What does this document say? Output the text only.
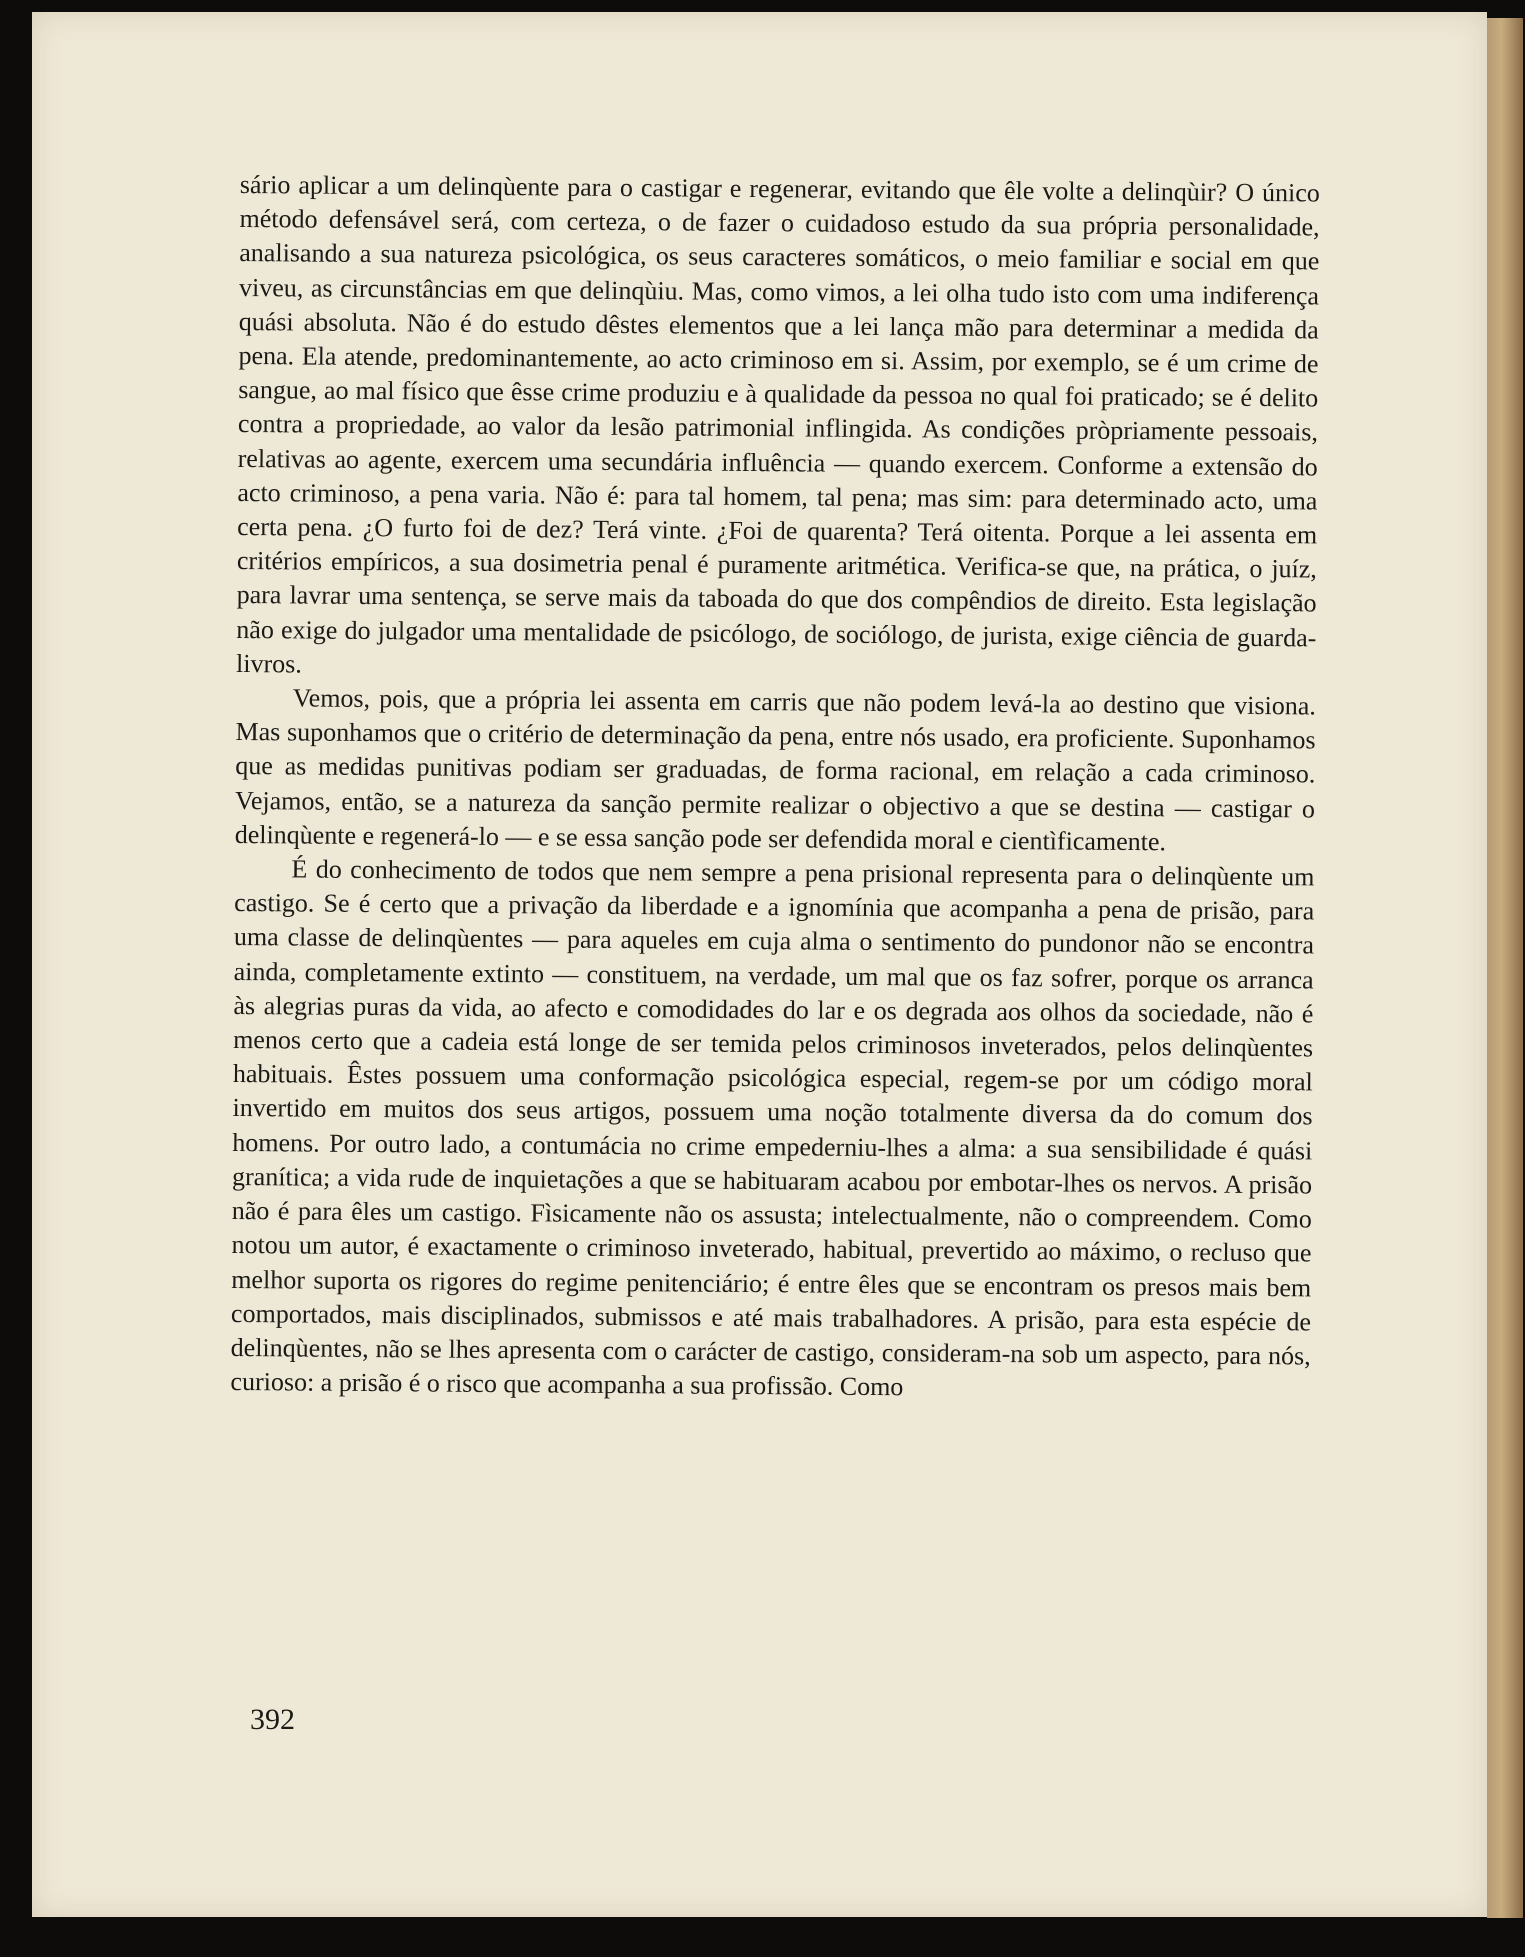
sário aplicar a um delinqùente para o castigar e regenerar, evitando que êle volte a delinqùir? O único método defensável será, com certeza, o de fazer o cuidadoso estudo da sua própria personalidade, analisando a sua natureza psicológica, os seus caracteres somáticos, o meio familiar e social em que viveu, as circunstâncias em que delinqùiu. Mas, como vimos, a lei olha tudo isto com uma indiferença quási absoluta. Não é do estudo dêstes elementos que a lei lança mão para determinar a medida da pena. Ela atende, predominantemente, ao acto criminoso em si. Assim, por exemplo, se é um crime de sangue, ao mal físico que êsse crime produziu e à qualidade da pessoa no qual foi praticado; se é delito contra a propriedade, ao valor da lesão patrimonial inflingida. As condições pròpriamente pessoais, relativas ao agente, exercem uma secundária influência — quando exercem. Conforme a extensão do acto criminoso, a pena varia. Não é: para tal homem, tal pena; mas sim: para determinado acto, uma certa pena. ¿O furto foi de dez? Terá vinte. ¿Foi de quarenta? Terá oitenta. Porque a lei assenta em critérios empíricos, a sua dosimetria penal é puramente aritmética. Verifica-se que, na prática, o juíz, para lavrar uma sentença, se serve mais da taboada do que dos compêndios de direito. Esta legislação não exige do julgador uma mentalidade de psicólogo, de sociólogo, de jurista, exige ciência de guarda-livros.

Vemos, pois, que a própria lei assenta em carris que não podem levá-la ao destino que visiona. Mas suponhamos que o critério de determinação da pena, entre nós usado, era proficiente. Suponhamos que as medidas punitivas podiam ser graduadas, de forma racional, em relação a cada criminoso. Vejamos, então, se a natureza da sanção permite realizar o objectivo a que se destina — castigar o delinqùente e regenerá-lo — e se essa sanção pode ser defendida moral e cientìficamente.

É do conhecimento de todos que nem sempre a pena prisional representa para o delinqùente um castigo. Se é certo que a privação da liberdade e a ignomínia que acompanha a pena de prisão, para uma classe de delinqùentes — para aqueles em cuja alma o sentimento do pundonor não se encontra ainda, completamente extinto — constituem, na verdade, um mal que os faz sofrer, porque os arranca às alegrias puras da vida, ao afecto e comodidades do lar e os degrada aos olhos da sociedade, não é menos certo que a cadeia está longe de ser temida pelos criminosos inveterados, pelos delinqùentes habituais. Êstes possuem uma conformação psicológica especial, regem-se por um código moral invertido em muitos dos seus artigos, possuem uma noção totalmente diversa da do comum dos homens. Por outro lado, a contumácia no crime empederniu-lhes a alma: a sua sensibilidade é quási granítica; a vida rude de inquietações a que se habituaram acabou por embotar-lhes os nervos. A prisão não é para êles um castigo. Fìsicamente não os assusta; intelectualmente, não o compreendem. Como notou um autor, é exactamente o criminoso inveterado, habitual, prevertido ao máximo, o recluso que melhor suporta os rigores do regime penitenciário; é entre êles que se encontram os presos mais bem comportados, mais disciplinados, submissos e até mais trabalhadores. A prisão, para esta espécie de delinqùentes, não se lhes apresenta com o carácter de castigo, consideram-na sob um aspecto, para nós, curioso: a prisão é o risco que acompanha a sua profissão. Como

392
